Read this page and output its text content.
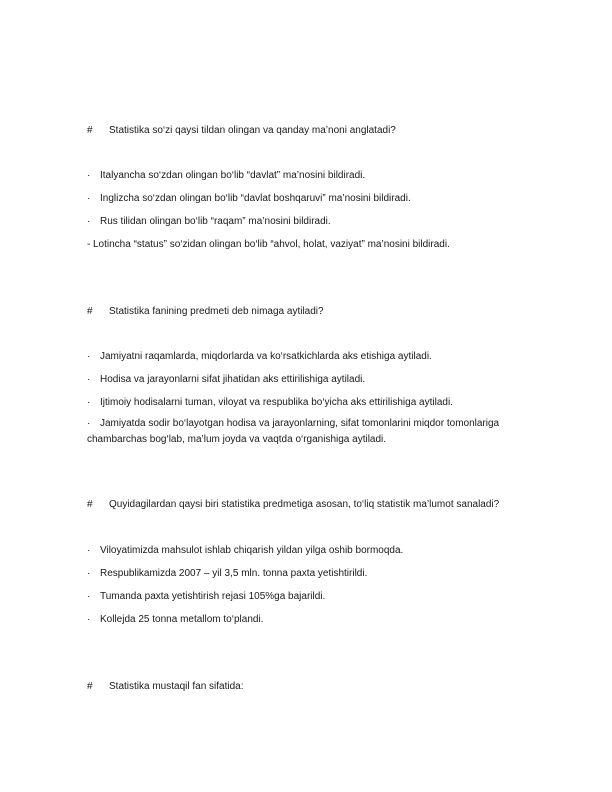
# Statistika so‘zi qaysi tildan olingan va qanday ma’noni anglatadi?
· Italyancha so‘zdan olingan bo‘lib “davlat” ma’nosini bildiradi.
· Inglizcha so‘zdan olingan bo‘lib “davlat boshqaruvi” ma’nosini bildiradi.
· Rus tilidan olingan bo‘lib “raqam” ma’nosini bildiradi.
- Lotincha “status” so‘zidan olingan bo‘lib “ahvol, holat, vaziyat” ma’nosini bildiradi.
# Statistika fanining predmeti deb nimaga aytiladi?
· Jamiyatni raqamlarda, miqdorlarda va ko‘rsatkichlarda aks etishiga aytiladi.
· Hodisa va jarayonlarni sifat jihatidan aks ettirilishiga aytiladi.
· Ijtimoiy hodisalarni tuman, viloyat va respublika bo‘yicha aks ettirilishiga aytiladi.
· Jamiyatda sodir bo‘layotgan hodisa va jarayonlarning, sifat tomonlarini miqdor tomonlariga chambarchas bog‘lab, ma’lum joyda va vaqtda o‘rganishiga aytiladi.
# Quyidagilardan qaysi biri statistika predmetiga asosan, to‘liq statistik ma’lumot sanaladi?
· Viloyatimizda mahsulot ishlab chiqarish yildan yilga oshib bormoqda.
· Respublikamizda 2007 – yil 3,5 mln. tonna paxta yetishtirildi.
· Tumanda paxta yetishtirish rejasi 105%ga bajarildi.
· Kollejda 25 tonna metallom to‘plandi.
# Statistika mustaqil fan sifatida:
